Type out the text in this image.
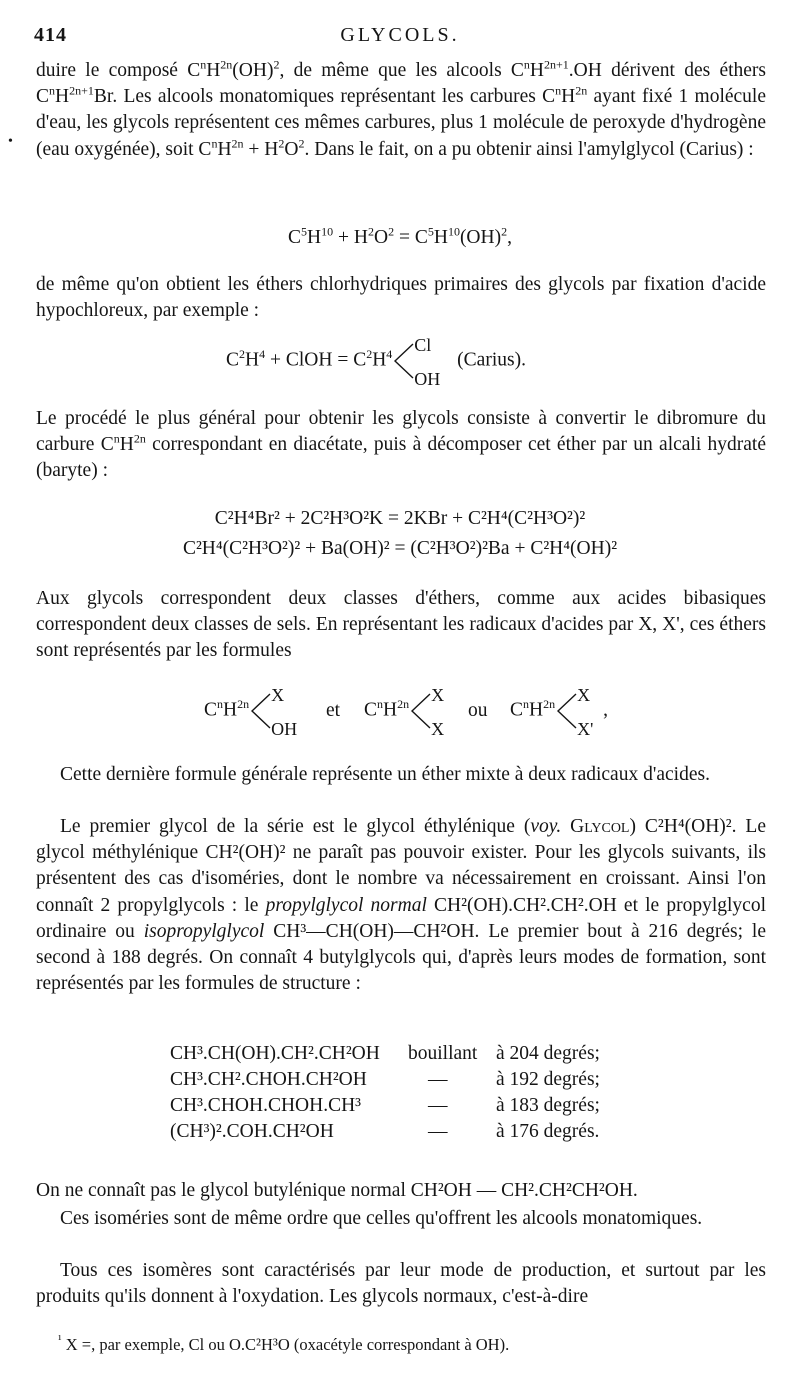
414	GLYCOLS.
•

duire le composé $C^nH^{2n}(OH)^2$, de même que les alcools $C^nH^{2n+1}.OH$ dérivent des éthers $C^nH^{2n+1}Br$. Les alcools monatomiques représentant les carbures $C^nH^{2n}$ ayant fixé 1 molécule d'eau, les glycols représentent ces mêmes carbures, plus 1 molécule de peroxyde d'hydrogène (eau oxygénée), soit $C^nH^{2n} + H^2O^2$. Dans le fait, on a pu obtenir ainsi l'amylglycol (Carius) :

$C^5H^{10} + H^2O^2 = C^5H^{10}(OH)^2$,

de même qu'on obtient les éthers chlorhydriques primaires des glycols par fixation d'acide hypochloreux, par exemple :

$C^2H^4$ + ClOH = $C^2H^4$ Cl
OH
(Carius).

Le procédé le plus général pour obtenir les glycols consiste à convertir le dibromure du carbure $C^nH^{2n}$ correspondant en diacétate, puis à décomposer cet éther par un alcali hydraté (baryte) :

C²H⁴Br² + 2C²H³O²K = 2KBr + C²H⁴(C²H³O²)²
C²H⁴(C²H³O²)² + Ba(OH)² = (C²H³O²)²Ba + C²H⁴(OH)²

Aux glycols correspondent deux classes d'éthers, comme aux acides bibasiques correspondent deux classes de sels. En représentant les radicaux d'acides par X, X', ces éthers sont représentés par les formules

$C^nH^{2n}$ X
OH
et $C^nH^{2n}$ X
X
ou $C^nH^{2n}$ X
X'
,

Cette dernière formule générale représente un éther mixte à deux radicaux d'acides.

Le premier glycol de la série est le glycol éthylénique (voy. Glycol) C²H⁴(OH)². Le glycol méthylénique CH²(OH)² ne paraît pas pouvoir exister. Pour les glycols suivants, ils présentent des cas d'isoméries, dont le nombre va nécessairement en croissant. Ainsi l'on connaît 2 propylglycols : le propylglycol normal CH²(OH).CH².CH².OH et le propylglycol ordinaire ou isopropylglycol CH³—CH(OH)—CH²OH. Le premier bout à 216 degrés; le second à 188 degrés. On connaît 4 butylglycols qui, d'après leurs modes de formation, sont représentés par les formules de structure :

CH³.CH(OH).CH².CH²OH bouillant à 204 degrés;
CH³.CH².CHOH.CH²OH	— à 192 degrés;
CH³.CHOH.CHOH.CH³	— à 183 degrés;
(CH³)².COH.CH²OH	— à 176 degrés.

On ne connaît pas le glycol butylénique normal CH²OH — CH².CH²CH²OH.

Ces isoméries sont de même ordre que celles qu'offrent les alcools monatomiques.

Tous ces isomères sont caractérisés par leur mode de production, et surtout par les produits qu'ils donnent à l'oxydation. Les glycols normaux, c'est-à-dire

$^{^1}$ X =, par exemple, Cl ou O.C²H³O (oxacétyle correspondant à OH).
